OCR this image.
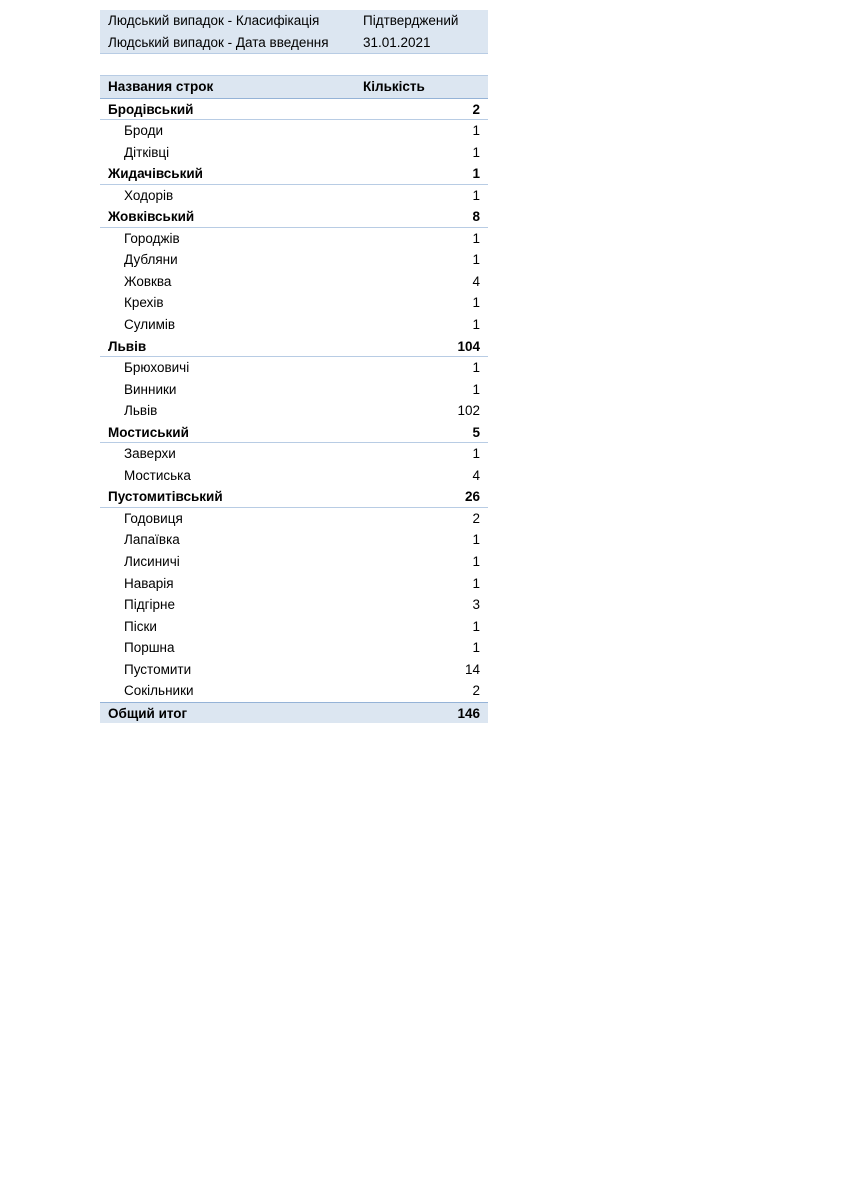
Людський випадок - Класифікація	Підтверджений
Людський випадок - Дата введення	31.01.2021
Названия строк	Кількість
Бродівський	2
Броди	1
Дітківці	1
Жидачівський	1
Ходорів	1
Жовківський	8
Городжів	1
Дубляни	1
Жовква	4
Крехів	1
Сулимів	1
Львів	104
Брюховичі	1
Винники	1
Львів	102
Мостиський	5
Заверхи	1
Мостиська	4
Пустомитівський	26
Годовиця	2
Лапаївка	1
Лисиничі	1
Наварія	1
Підгірне	3
Піски	1
Поршна	1
Пустомити	14
Сокільники	2
Общий итог	146
